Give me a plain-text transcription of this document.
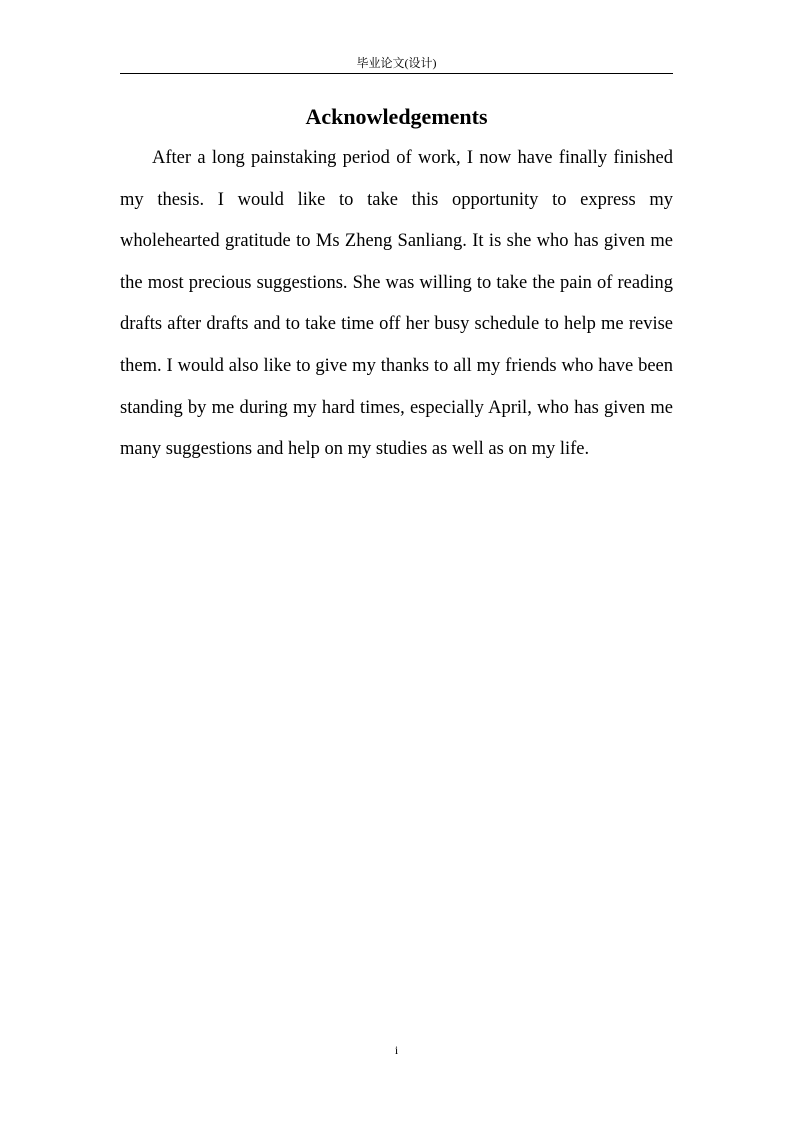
毕业论文(设计)
Acknowledgements

After a long painstaking period of work, I now have finally finished my thesis. I would like to take this opportunity to express my wholehearted gratitude to Ms Zheng Sanliang. It is she who has given me the most precious suggestions. She was willing to take the pain of reading drafts after drafts and to take time off her busy schedule to help me revise them. I would also like to give my thanks to all my friends who have been standing by me during my hard times, especially April, who has given me many suggestions and help on my studies as well as on my life.

i
